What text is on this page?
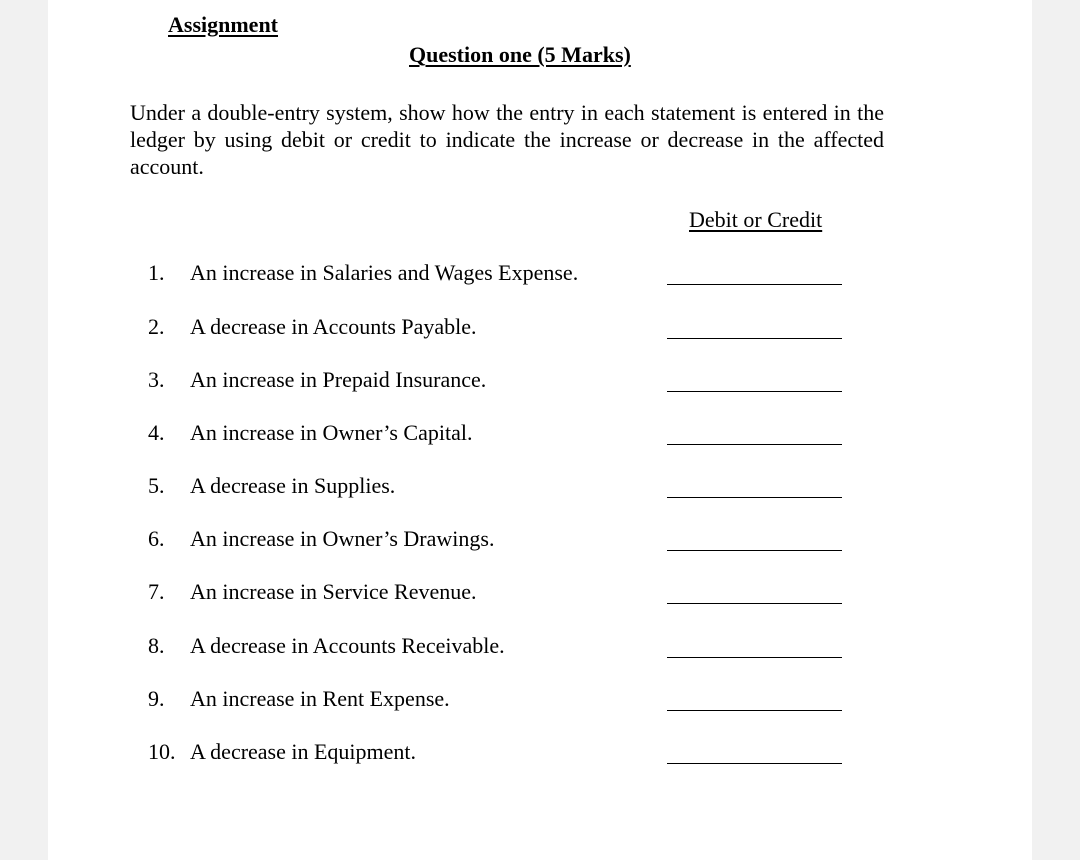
Assignment
Question one (5 Marks)
Under a double-entry system, show how the entry in each statement is entered in the ledger by using debit or credit to indicate the increase or decrease in the affected account.
Debit or Credit
1. An increase in Salaries and Wages Expense.
2. A decrease in Accounts Payable.
3. An increase in Prepaid Insurance.
4. An increase in Owner’s Capital.
5. A decrease in Supplies.
6. An increase in Owner’s Drawings.
7. An increase in Service Revenue.
8. A decrease in Accounts Receivable.
9. An increase in Rent Expense.
10. A decrease in Equipment.
